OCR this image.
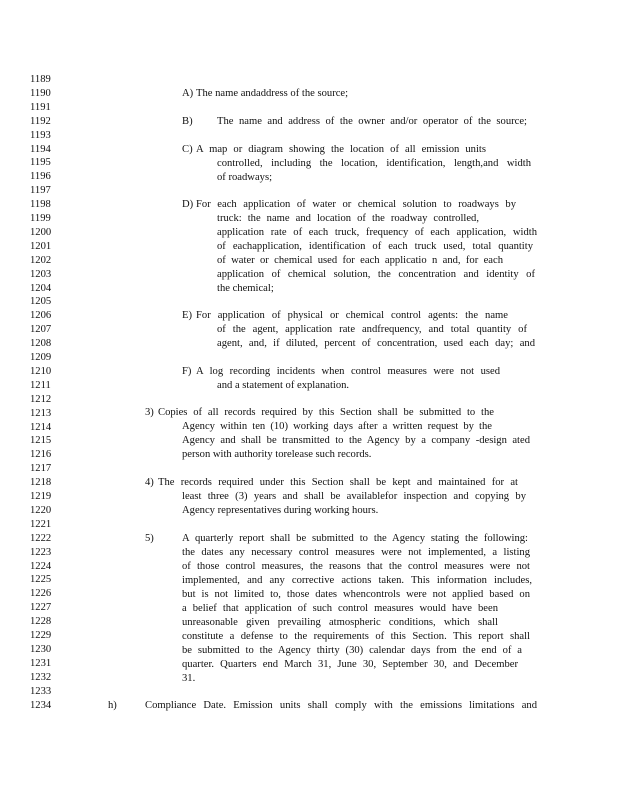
1189
1190
1191
1192
1193
1194
1195
1196
1197
1198
1199
1200
1201
1202
1203
1204
1205
1206
1207
1208
1209
1210
1211
1212
1213
1214
1215
1216
1217
1218
1219
1220
1221
1222
1223
1224
1225
1226
1227
1228
1229
1230
1231
1232
1233
1234
A) The name andaddress of the source;
B) The name and address of the owner and/or operator of the source;
C) A map or diagram showing the location of all emission units
controlled, including the location, identification, length,and width
of roadways;
D) For each application of water or chemical solution to roadways by
truck: the name and location of the roadway controlled,
application rate of each truck, frequency of each application, width
of eachapplication, identification of each truck used, total quantity
of water or chemical used for each applicatio n and, for each
application of chemical solution, the concentration and identity of
the chemical;
E) For application of physical or chemical control agents: the name
of the agent, application rate andfrequency, and total quantity of
agent, and, if diluted, percent of concentration, used each day; and
F) A log recording incidents when control measures were not used
and a statement of explanation.
3) Copies of all records required by this Section shall be submitted to the
Agency within ten (10) working days after a written request by the
Agency and shall be transmitted to the Agency by a company -design ated
person with authority torelease such records.
4) The records required under this Section shall be kept and maintained for at
least three (3) years and shall be availablefor inspection and copying by
Agency representatives during working hours.
5)	A quarterly report shall be submitted to the Agency stating the following:
the dates any necessary control measures were not implemented, a listing
of those control measures, the reasons that the control measures were not
implemented, and any corrective actions taken. This information includes,
but is not limited to, those dates whencontrols were not applied based on
a belief that application of such control measures would have been
unreasonable given prevailing atmospheric conditions, which shall
constitute a defense to the requirements of this Section. This report shall
be submitted to the Agency thirty (30) calendar days from the end of a
quarter. Quarters end March 31, June 30, September 30, and December
31.
h)	Compliance Date. Emission units shall comply with the emissions limitations and
